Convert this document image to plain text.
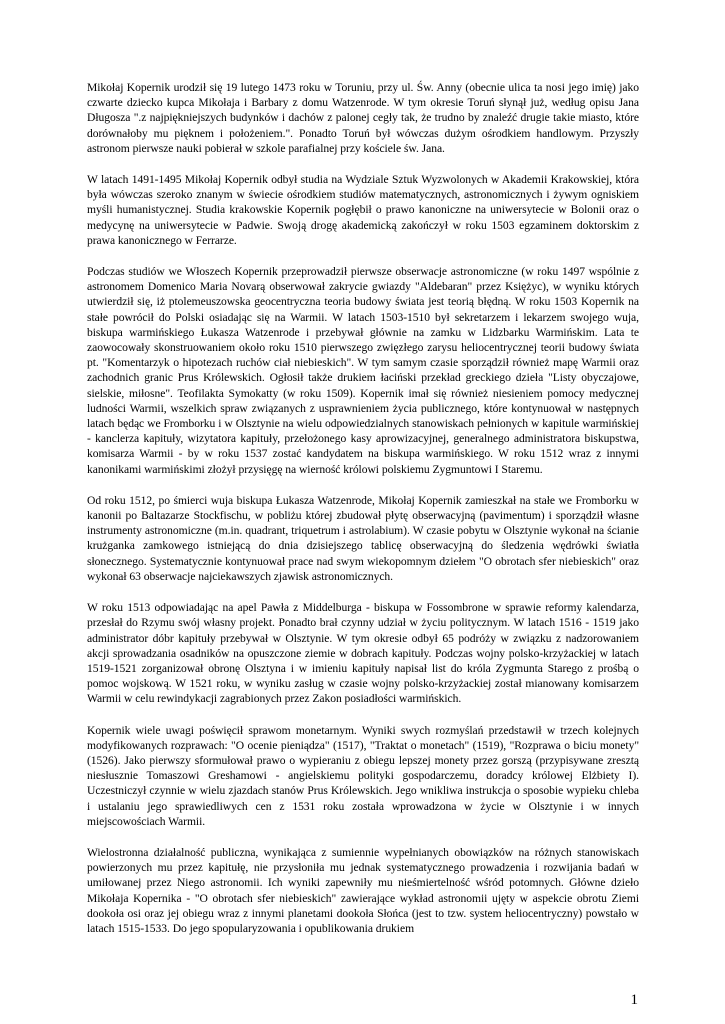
Mikołaj Kopernik urodził się 19 lutego 1473 roku w Toruniu, przy ul. Św. Anny (obecnie ulica ta nosi jego imię) jako czwarte dziecko kupca Mikołaja i Barbary z domu Watzenrode. W tym okresie Toruń słynął już, według opisu Jana Długosza ".z najpiękniejszych budynków i dachów z palonej cegły tak, że trudno by znaleźć drugie takie miasto, które dorównałoby mu pięknem i położeniem.". Ponadto Toruń był wówczas dużym ośrodkiem handlowym. Przyszły astronom pierwsze nauki pobierał w szkole parafialnej przy kościele św. Jana.

W latach 1491-1495 Mikołaj Kopernik odbył studia na Wydziale Sztuk Wyzwolonych w Akademii Krakowskiej, która była wówczas szeroko znanym w świecie ośrodkiem studiów matematycznych, astronomicznych i żywym ogniskiem myśli humanistycznej. Studia krakowskie Kopernik pogłębił o prawo kanoniczne na uniwersytecie w Bolonii oraz o medycynę na uniwersytecie w Padwie. Swoją drogę akademicką zakończył w roku 1503 egzaminem doktorskim z prawa kanonicznego w Ferrarze.

Podczas studiów we Włoszech Kopernik przeprowadził pierwsze obserwacje astronomiczne (w roku 1497 wspólnie z astronomem Domenico Maria Novarą obserwował zakrycie gwiazdy "Aldebaran" przez Księżyc), w wyniku których utwierdził się, iż ptolemeuszowska geocentryczna teoria budowy świata jest teorią błędną. W roku 1503 Kopernik na stałe powrócił do Polski osiadając się na Warmii. W latach 1503-1510 był sekretarzem i lekarzem swojego wuja, biskupa warmińskiego Łukasza Watzenrode i przebywał głównie na zamku w Lidzbarku Warmińskim. Lata te zaowocowały skonstruowaniem około roku 1510 pierwszego zwięzłego zarysu heliocentrycznej teorii budowy świata pt. "Komentarzyk o hipotezach ruchów ciał niebieskich". W tym samym czasie sporządził również mapę Warmii oraz zachodnich granic Prus Królewskich. Ogłosił także drukiem łaciński przekład greckiego dzieła "Listy obyczajowe, sielskie, miłosne". Teofilakta Symokatty (w roku 1509). Kopernik imał się również niesieniem pomocy medycznej ludności Warmii, wszelkich spraw związanych z usprawnieniem życia publicznego, które kontynuował w następnych latach będąc we Fromborku i w Olsztynie na wielu odpowiedzialnych stanowiskach pełnionych w kapitule warmińskiej - kanclerza kapituły, wizytatora kapituły, przełożonego kasy aprowizacyjnej, generalnego administratora biskupstwa, komisarza Warmii - by w roku 1537 zostać kandydatem na biskupa warmińskiego. W roku 1512 wraz z innymi kanonikami warmińskimi złożył przysięgę na wierność królowi polskiemu Zygmuntowi I Staremu.

Od roku 1512, po śmierci wuja biskupa Łukasza Watzenrode, Mikołaj Kopernik zamieszkał na stałe we Fromborku w kanonii po Baltazarze Stockfischu, w pobliżu której zbudował płytę obserwacyjną (pavimentum) i sporządził własne instrumenty astronomiczne (m.in. quadrant, triquetrum i astrolabium). W czasie pobytu w Olsztynie wykonał na ścianie krużganka zamkowego istniejącą do dnia dzisiejszego tablicę obserwacyjną do śledzenia wędrówki światła słonecznego. Systematycznie kontynuował prace nad swym wiekopomnym dziełem "O obrotach sfer niebieskich" oraz wykonał 63 obserwacje najciekawszych zjawisk astronomicznych.

W roku 1513 odpowiadając na apel Pawła z Middelburga - biskupa w Fossombrone w sprawie reformy kalendarza, przesłał do Rzymu swój własny projekt. Ponadto brał czynny udział w życiu politycznym. W latach 1516 - 1519 jako administrator dóbr kapituły przebywał w Olsztynie. W tym okresie odbył 65 podróży w związku z nadzorowaniem akcji sprowadzania osadników na opuszczone ziemie w dobrach kapituły. Podczas wojny polsko-krzyżackiej w latach 1519-1521 zorganizował obronę Olsztyna i w imieniu kapituły napisał list do króla Zygmunta Starego z prośbą o pomoc wojskową. W 1521 roku, w wyniku zasług w czasie wojny polsko-krzyżackiej został mianowany komisarzem Warmii w celu rewindykacji zagrabionych przez Zakon posiadłości warmińskich.

Kopernik wiele uwagi poświęcił sprawom monetarnym. Wyniki swych rozmyślań przedstawił w trzech kolejnych modyfikowanych rozprawach: "O ocenie pieniądza" (1517), "Traktat o monetach" (1519), "Rozprawa o biciu monety" (1526). Jako pierwszy sformułował prawo o wypieraniu z obiegu lepszej monety przez gorszą (przypisywane zresztą niesłusznie Tomaszowi Greshamowi - angielskiemu polityki gospodarczemu, doradcy królowej Elżbiety I). Uczestniczył czynnie w wielu zjazdach stanów Prus Królewskich. Jego wnikliwa instrukcja o sposobie wypieku chleba i ustalaniu jego sprawiedliwych cen z 1531 roku została wprowadzona w życie w Olsztynie i w innych miejscowościach Warmii.

Wielostronna działalność publiczna, wynikająca z sumiennie wypełnianych obowiązków na różnych stanowiskach powierzonych mu przez kapitułę, nie przysłoniła mu jednak systematycznego prowadzenia i rozwijania badań w umiłowanej przez Niego astronomii. Ich wyniki zapewniły mu nieśmiertelność wśród potomnych. Główne dzieło Mikołaja Kopernika - "O obrotach sfer niebieskich" zawierające wykład astronomii ujęty w aspekcie obrotu Ziemi dookoła osi oraz jej obiegu wraz z innymi planetami dookoła Słońca (jest to tzw. system heliocentryczny) powstało w latach 1515-1533. Do jego spopularyzowania i opublikowania drukiem

1
